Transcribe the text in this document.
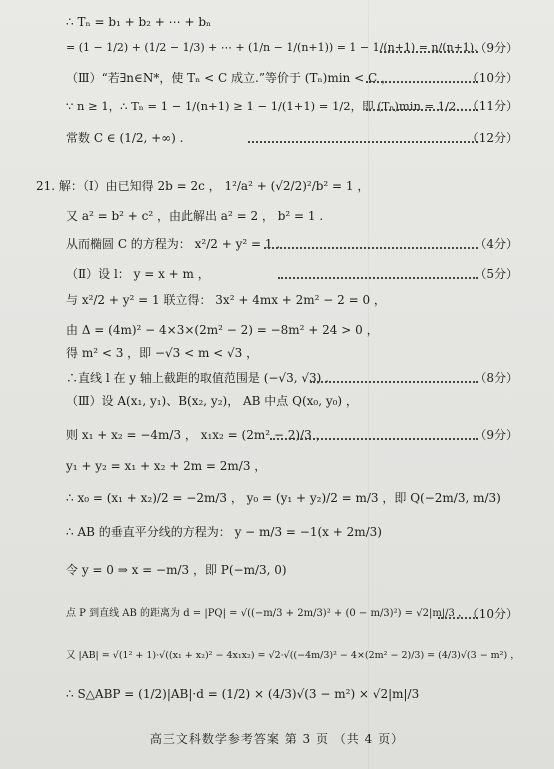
∴ Tₙ = b₁ + b₂ + ⋯ + bₙ
= (1 − 1/2) + (1/2 − 1/3) + ⋯ + (1/n − 1/(n+1)) = 1 − 1/(n+1) = n/(n+1).
（9分）
（Ⅲ）“若∃n∈N*，使 Tₙ < C 成立.”等价于 (Tₙ)min < C ，	（10分）
∵ n ≥ 1，∴ Tₙ = 1 − 1/(n+1) ≥ 1 − 1/(1+1) = 1/2，即 (Tₙ)min = 1/2 . （11分）
常数 C ∈ (1/2, +∞) .	（12分）
21. 解：（Ⅰ）由已知得 2b = 2c ， 1²/a² + (√2/2)²/b² = 1 ，
又 a² = b² + c² ，由此解出 a² = 2 ， b² = 1 .
从而椭圆 C 的方程为： x²/2 + y² = 1 .	（4分）
（Ⅱ）设 l： y = x + m ，	（5分）
与 x²/2 + y² = 1 联立得： 3x² + 4mx + 2m² − 2 = 0 ，
由 Δ = (4m)² − 4×3×(2m² − 2) = −8m² + 24 > 0 ，
得 m² < 3 ，即 −√3 < m < √3 ，
∴直线 l 在 y 轴上截距的取值范围是 (−√3, √3) .	（8分）
（Ⅲ）设 A(x₁, y₁)、B(x₂, y₂)， AB 中点 Q(x₀, y₀) ，
则 x₁ + x₂ = −4m/3 ， x₁x₂ = (2m² − 2)/3 ，	（9分）
y₁ + y₂ = x₁ + x₂ + 2m = 2m/3 ，
∴ x₀ = (x₁ + x₂)/2 = −2m/3 ， y₀ = (y₁ + y₂)/2 = m/3 ，即 Q(−2m/3, m/3)
∴ AB 的垂直平分线的方程为： y − m/3 = −1(x + 2m/3)
令 y = 0 ⇒ x = −m/3 ，即 P(−m/3, 0)
点 P 到直线 AB 的距离为 d = |PQ| = √((−m/3 + 2m/3)² + (0 − m/3)²) = √2|m|/3 ，
（10分）
又 |AB| = √(1² + 1)·√((x₁ + x₂)² − 4x₁x₂) = √2·√((−4m/3)² − 4×(2m² − 2)/3) = (4/3)√(3 − m²) ，
∴ S△ABP = (1/2)|AB|·d = (1/2) × (4/3)√(3 − m²) × √2|m|/3
高三文科数学参考答案 第 3 页 （共 4 页）
